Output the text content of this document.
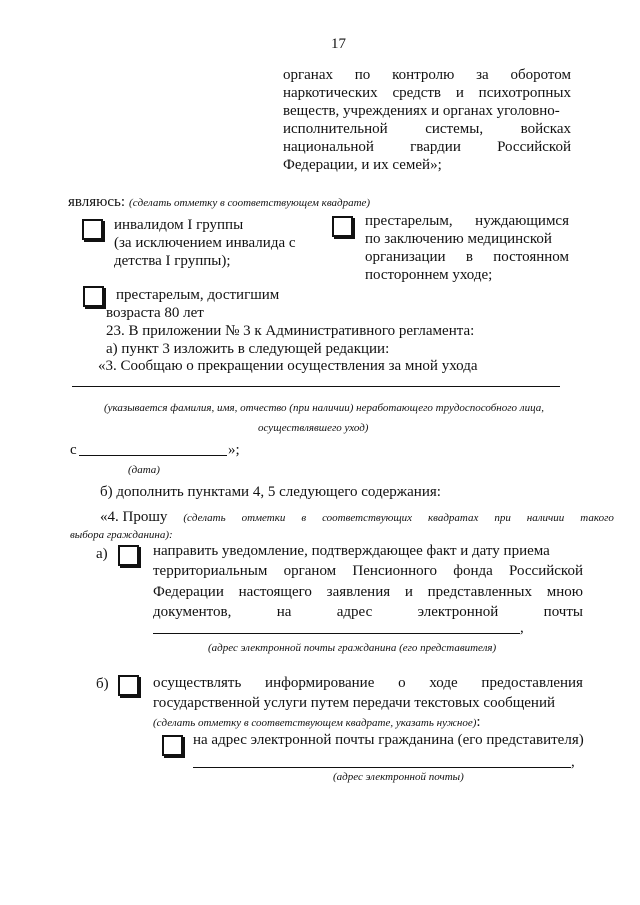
17
органах по контролю за оборотом
наркотических средств и психотропных
веществ, учреждениях и органах уголовно-
исполнительной	системы,	войсках
национальной гвардии Российской
Федерации, и их семей»;
являюсь: (сделать отметку в соответствующем квадрате)
инвалидом I группы
(за исключением инвалида с
детства I группы);
престарелым, нуждающимся
по заключению медицинской
организации в постоянном
постороннем уходе;
престарелым, достигшим
возраста 80 лет
23. В приложении № 3 к Административного регламента:
а) пункт 3 изложить в следующей редакции:
«3. Сообщаю о прекращении осуществления за мной ухода
(указывается фамилия, имя, отчество (при наличии) неработающего трудоспособного лица,
осуществлявшего уход)
с	»;
(дата)
б) дополнить пунктами 4, 5 следующего содержания:
«4. Прошу (сделать отметки в соответствующих квадратах при наличии такого
выбора гражданина):
а)	направить уведомление, подтверждающее факт и дату приема
территориальным органом Пенсионного фонда Российской
Федерации настоящего заявления и представленных мною
документов,	на	адрес	электронной	почты
,
(адрес электронной почты гражданина (его представителя)
б)	осуществлять информирование о ходе предоставления
государственной услуги путем передачи текстовых сообщений
(сделать отметку в соответствующем квадрате, указать нужное):
на адрес электронной почты гражданина (его представителя)
,
(адрес электронной почты)
